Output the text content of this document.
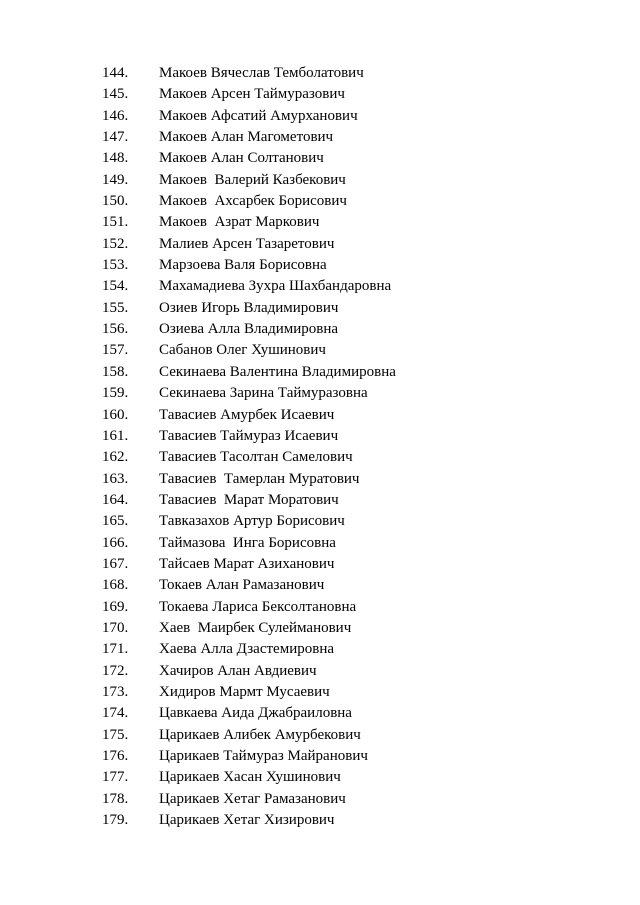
144. Макоев Вячеслав Темболатович
145. Макоев Арсен Таймуразович
146. Макоев Афсатий Амурханович
147. Макоев Алан Магометович
148. Макоев Алан Солтанович
149. Макоев  Валерий Казбекович
150. Макоев  Ахсарбек Борисович
151. Макоев  Азрат Маркович
152. Малиев Арсен Тазаретович
153. Марзоева Валя Борисовна
154. Махамадиева Зухра Шахбандаровна
155. Озиев Игорь Владимирович
156. Озиева Алла Владимировна
157. Сабанов Олег Хушинович
158. Секинаева Валентина Владимировна
159. Секинаева Зарина Таймуразовна
160. Тавасиев Амурбек Исаевич
161. Тавасиев Таймураз Исаевич
162. Тавасиев Тасолтан Самелович
163. Тавасиев  Тамерлан Муратович
164. Тавасиев  Марат Моратович
165. Тавказахов Артур Борисович
166. Таймазова  Инга Борисовна
167. Тайсаев Марат Азиханович
168. Токаев Алан Рамазанович
169. Токаева Лариса Бексолтановна
170. Хаев  Маирбек Сулейманович
171. Хаева Алла Дзастемировна
172. Хачиров Алан Авдиевич
173. Хидиров Мармт Мусаевич
174. Цавкаева Аида Джабраиловна
175. Царикаев Алибек Амурбекович
176. Царикаев Таймураз Майранович
177. Царикаев Хасан Хушинович
178. Царикаев Хетаг Рамазанович
179. Царикаев Хетаг Хизирович
